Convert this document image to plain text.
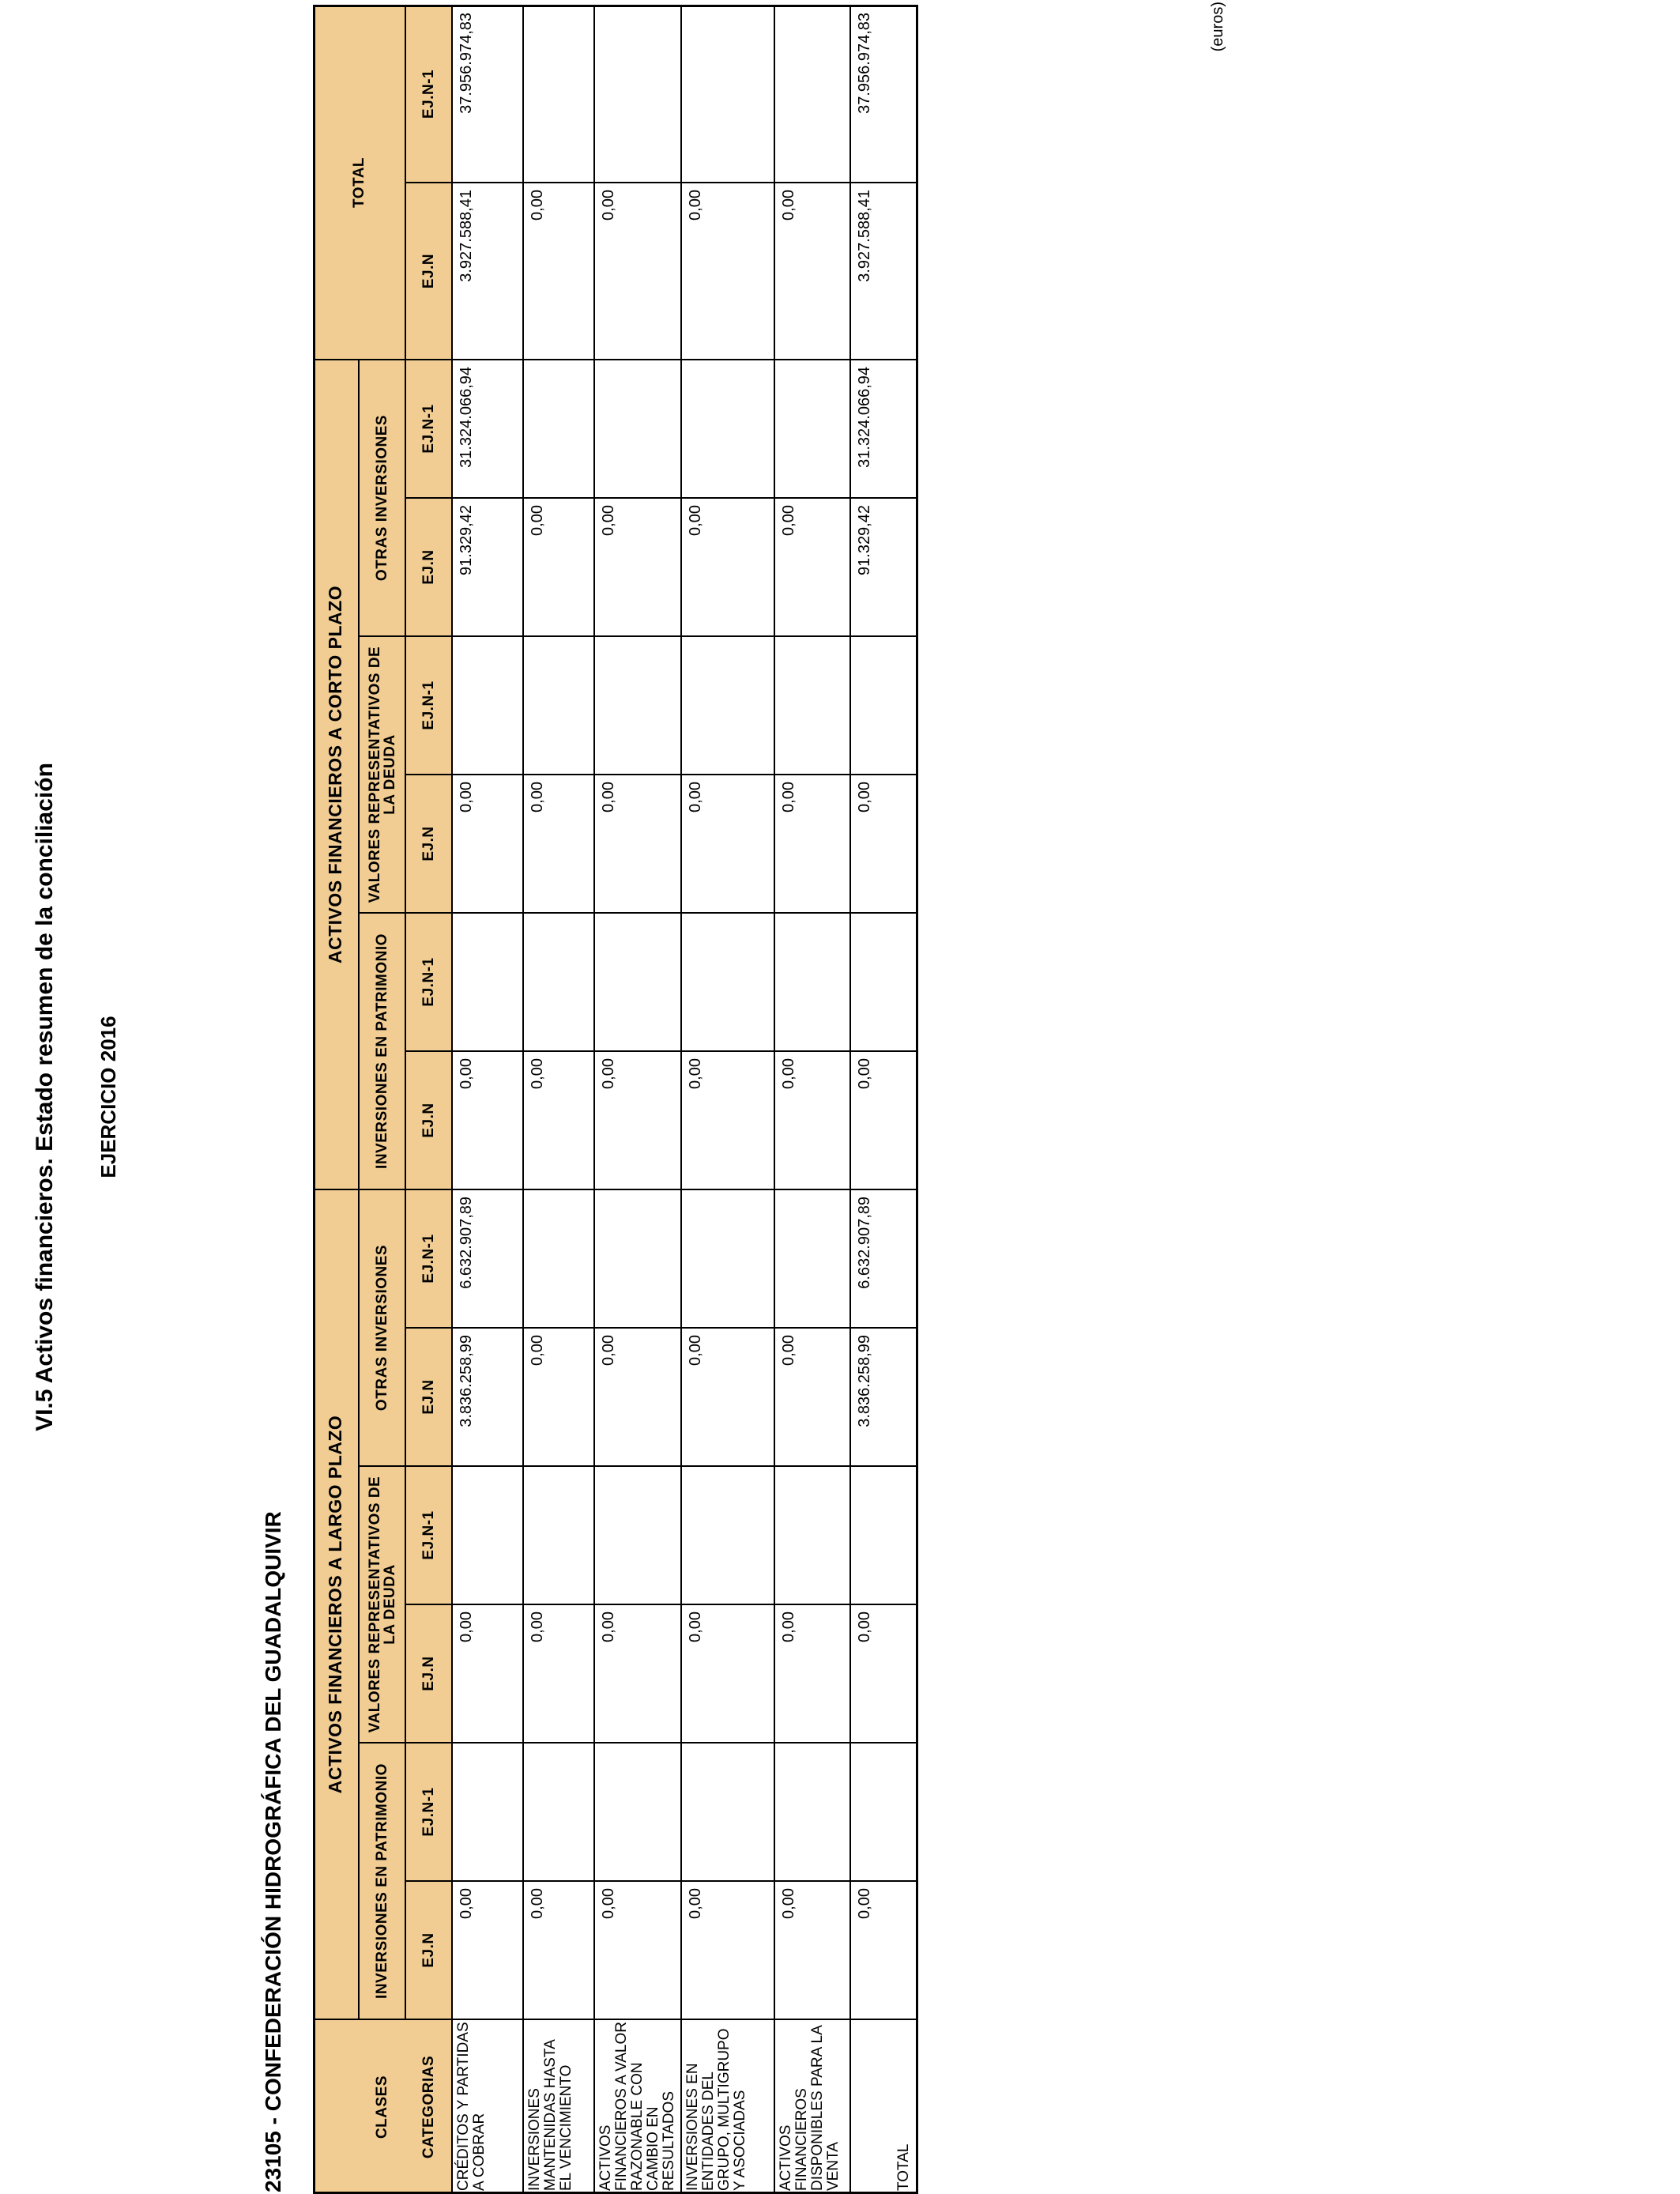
VI.5 Activos financieros. Estado resumen de la conciliación EJERCICIO 2016
23105 - CONFEDERACIÓN HIDROGRÁFICA DEL GUADALQUIVIR
(euros)
CLASES
ACTIVOS FINANCIEROS A LARGO PLAZO
ACTIVOS FINANCIEROS A CORTO PLAZO
TOTAL
INVERSIONES EN PATRIMONIO
VALORES REPRESENTATIVOS DE LA DEUDA
OTRAS INVERSIONES
INVERSIONES EN PATRIMONIO
VALORES REPRESENTATIVOS DE LA DEUDA
OTRAS INVERSIONES
CATEGORIAS
EJ.N
EJ.N-1
EJ.N
EJ.N-1
EJ.N
EJ.N-1
EJ.N
EJ.N-1
EJ.N
EJ.N-1
EJ.N
EJ.N-1
EJ.N
EJ.N-1
CRÉDITOS Y PARTIDAS A COBRAR
0,00
0,00
3.836.258,99
6.632.907,89
0,00
0,00
91.329,42
31.324.066,94
3.927.588,41
37.956.974,83
INVERSIONES MANTENIDAS HASTA EL VENCIMIENTO
0,00
0,00
0,00
0,00
0,00
0,00
0,00
ACTIVOS FINANCIEROS A VALOR RAZONABLE CON CAMBIO EN RESULTADOS
0,00
0,00
0,00
0,00
0,00
0,00
0,00
INVERSIONES EN ENTIDADES DEL GRUPO, MULTIGRUPO Y ASOCIADAS
0,00
0,00
0,00
0,00
0,00
0,00
0,00
ACTIVOS FINANCIEROS DISPONIBLES PARA LA VENTA
0,00
0,00
0,00
0,00
0,00
0,00
0,00
TOTAL
0,00
0,00
3.836.258,99
6.632.907,89
0,00
0,00
91.329,42
31.324.066,94
3.927.588,41
37.956.974,83
